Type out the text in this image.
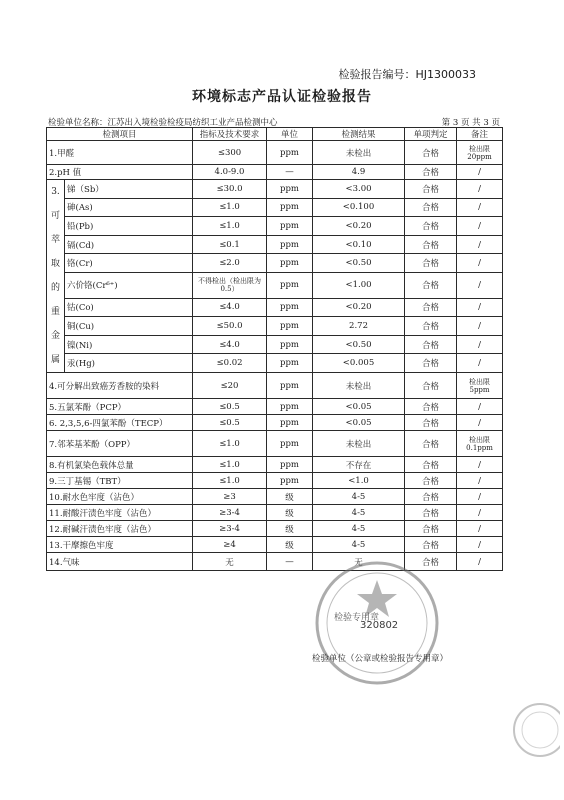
检验报告编号：HJ1300033
环境标志产品认证检验报告
检验单位名称：江苏出入境检验检疫局纺织工业产品检测中心	第 3 页 共 3 页
检测项目		指标及技术要求	单位	检测结果	单项判定	备注
1.甲醛		≤300	ppm	未检出	合格	检出限 20ppm
2.pH 值		4.0-9.0	—	4.9	合格	/
3. 可 萃 取 的 重 金 属	锑（Sb）	≤30.0	ppm	<3.00	合格	/
	砷(As)	≤1.0	ppm	<0.100	合格	/
	铅(Pb)	≤1.0	ppm	<0.20	合格	/
	镉(Cd)	≤0.1	ppm	<0.10	合格	/
	铬(Cr)	≤2.0	ppm	<0.50	合格	/
	六价铬(Cr⁶⁺)	不得检出（检出限为 0.5）	ppm	<1.00	合格	/
	钴(Co)	≤4.0	ppm	<0.20	合格	/
	铜(Cu)	≤50.0	ppm	2.72	合格	/
	镍(Ni)	≤4.0	ppm	<0.50	合格	/
	汞(Hg)	≤0.02	ppm	<0.005	合格	/
4.可分解出致癌芳香胺的染料		≤20	ppm	未检出	合格	检出限 5ppm
5.五氯苯酚（PCP）		≤0.5	ppm	<0.05	合格	/
6. 2,3,5,6-四氯苯酚（TECP）		≤0.5	ppm	<0.05	合格	/
7.邻苯基苯酚（OPP）		≤1.0	ppm	未检出	合格	检出限 0.1ppm
8.有机氯染色载体总量		≤1.0	ppm	不存在	合格	/
9.三丁基锡（TBT）		≤1.0	ppm	<1.0	合格	/
10.耐水色牢度（沾色）		≥3	级	4-5	合格	/
11.耐酸汗渍色牢度（沾色）		≥3-4	级	4-5	合格	/
12.耐碱汗渍色牢度（沾色）		≥3-4	级	4-5	合格	/
13.干摩擦色牢度		≥4	级	4-5	合格	/
14.气味		无	—	无	合格	/
检验专用章
320802
检验单位（公章或检验报告专用章）
